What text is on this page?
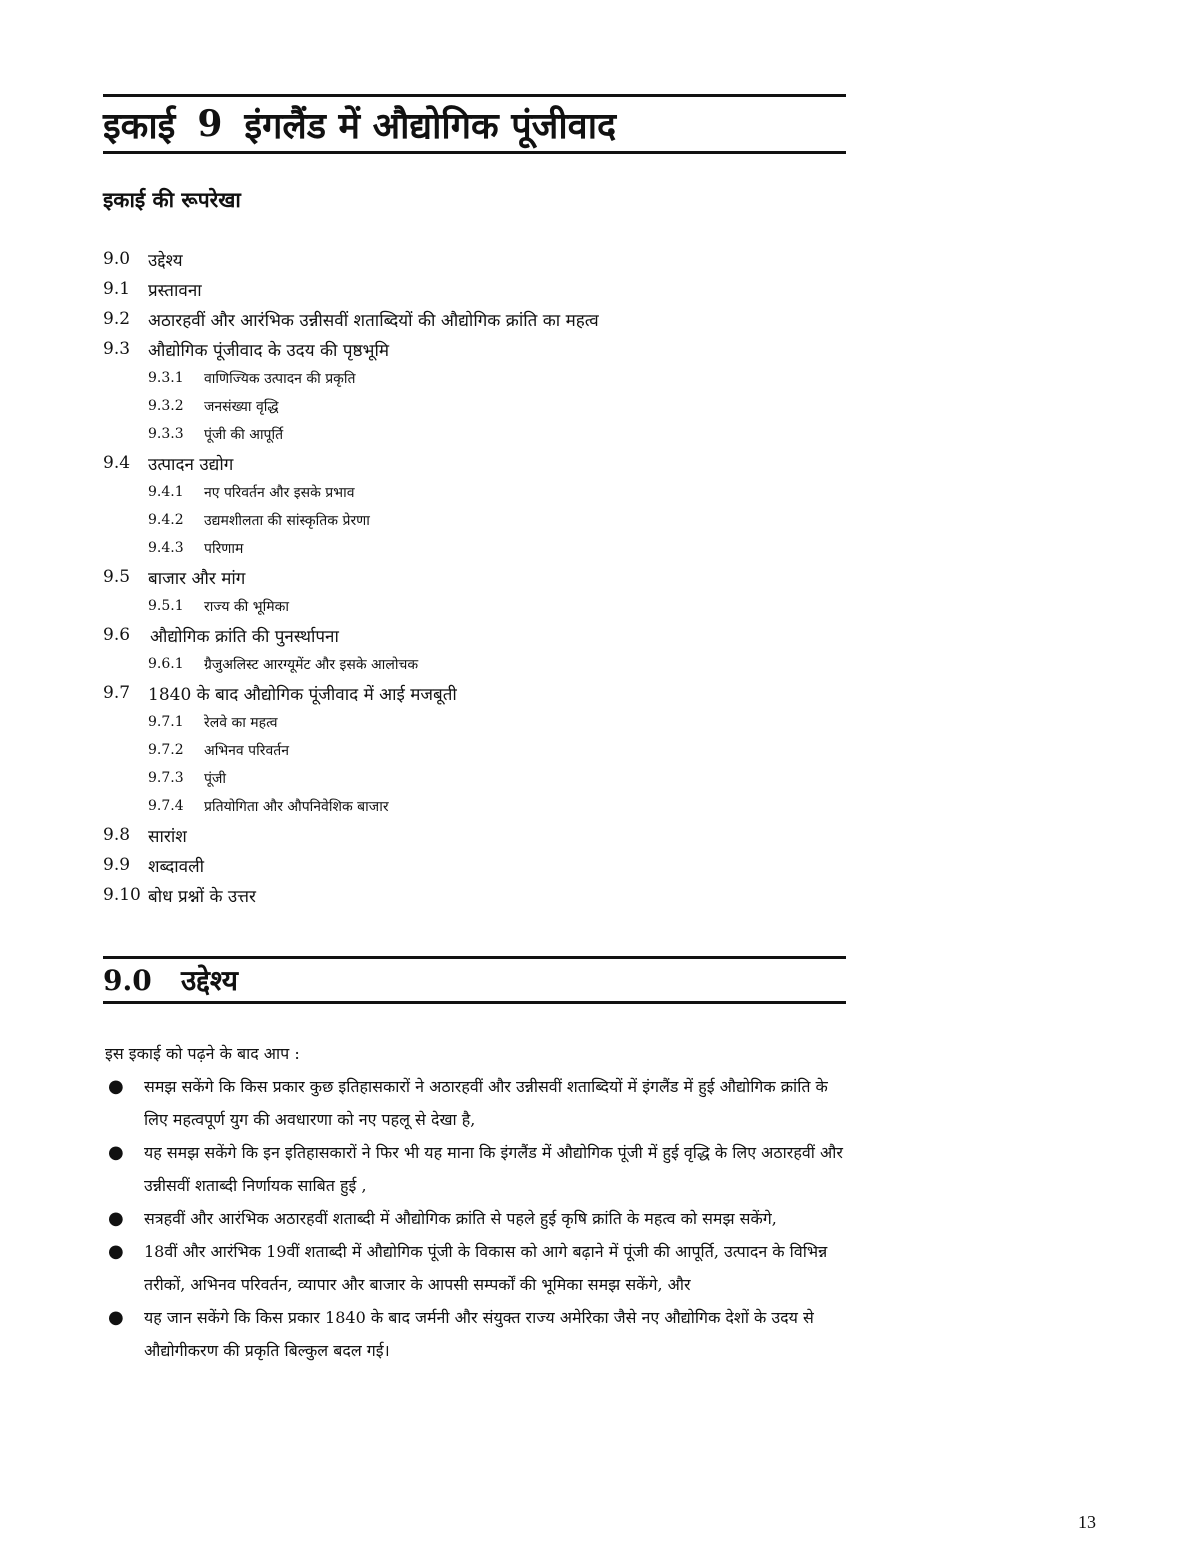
इकाई 9 इंगलैंड में औद्योगिक पूंजीवाद
इकाई की रूपरेखा
9.0	उद्देश्य
9.1	प्रस्तावना
9.2	अठारहवीं और आरंभिक उन्नीसवीं शताब्दियों की औद्योगिक क्रांति का महत्व
9.3	औद्योगिक पूंजीवाद के उदय की पृष्ठभूमि
9.3.1	वाणिज्यिक उत्पादन की प्रकृति
9.3.2	जनसंख्या वृद्धि
9.3.3	पूंजी की आपूर्ति
9.4	उत्पादन उद्योग
9.4.1	नए परिवर्तन और इसके प्रभाव
9.4.2	उद्यमशीलता की सांस्कृतिक प्रेरणा
9.4.3	परिणाम
9.5	बाजार और मांग
9.5.1	राज्य की भूमिका
9.6	औद्योगिक क्रांति की पुनर्स्थापना
9.6.1	ग्रैजुअलिस्ट आरग्यूमेंट और इसके आलोचक
9.7	1840 के बाद औद्योगिक पूंजीवाद में आई मजबूती
9.7.1	रेलवे का महत्व
9.7.2	अभिनव परिवर्तन
9.7.3	पूंजी
9.7.4	प्रतियोगिता और औपनिवेशिक बाजार
9.8	सारांश
9.9	शब्दावली
9.10 बोध प्रश्नों के उत्तर
9.0	उद्देश्य
इस इकाई को पढ़ने के बाद आप :
●	समझ सकेंगे कि किस प्रकार कुछ इतिहासकारों ने अठारहवीं और उन्नीसवीं शताब्दियों में इंगलैंड में हुई औद्योगिक क्रांति के लिए महत्वपूर्ण युग की अवधारणा को नए पहलू से देखा है,
●	यह समझ सकेंगे कि इन इतिहासकारों ने फिर भी यह माना कि इंगलैंड में औद्योगिक पूंजी में हुई वृद्धि के लिए अठारहवीं और उन्नीसवीं शताब्दी निर्णायक साबित हुई ,
●	सत्रहवीं और आरंभिक अठारहवीं शताब्दी में औद्योगिक क्रांति से पहले हुई कृषि क्रांति के महत्व को समझ सकेंगे,
●	18वीं और आरंभिक 19वीं शताब्दी में औद्योगिक पूंजी के विकास को आगे बढ़ाने में पूंजी की आपूर्ति, उत्पादन के विभिन्न तरीकों, अभिनव परिवर्तन, व्यापार और बाजार के आपसी सम्पर्कों की भूमिका समझ सकेंगे, और
●	यह जान सकेंगे कि किस प्रकार 1840 के बाद जर्मनी और संयुक्त राज्य अमेरिका जैसे नए औद्योगिक देशों के उदय से औद्योगीकरण की प्रकृति बिल्कुल बदल गई।
13
